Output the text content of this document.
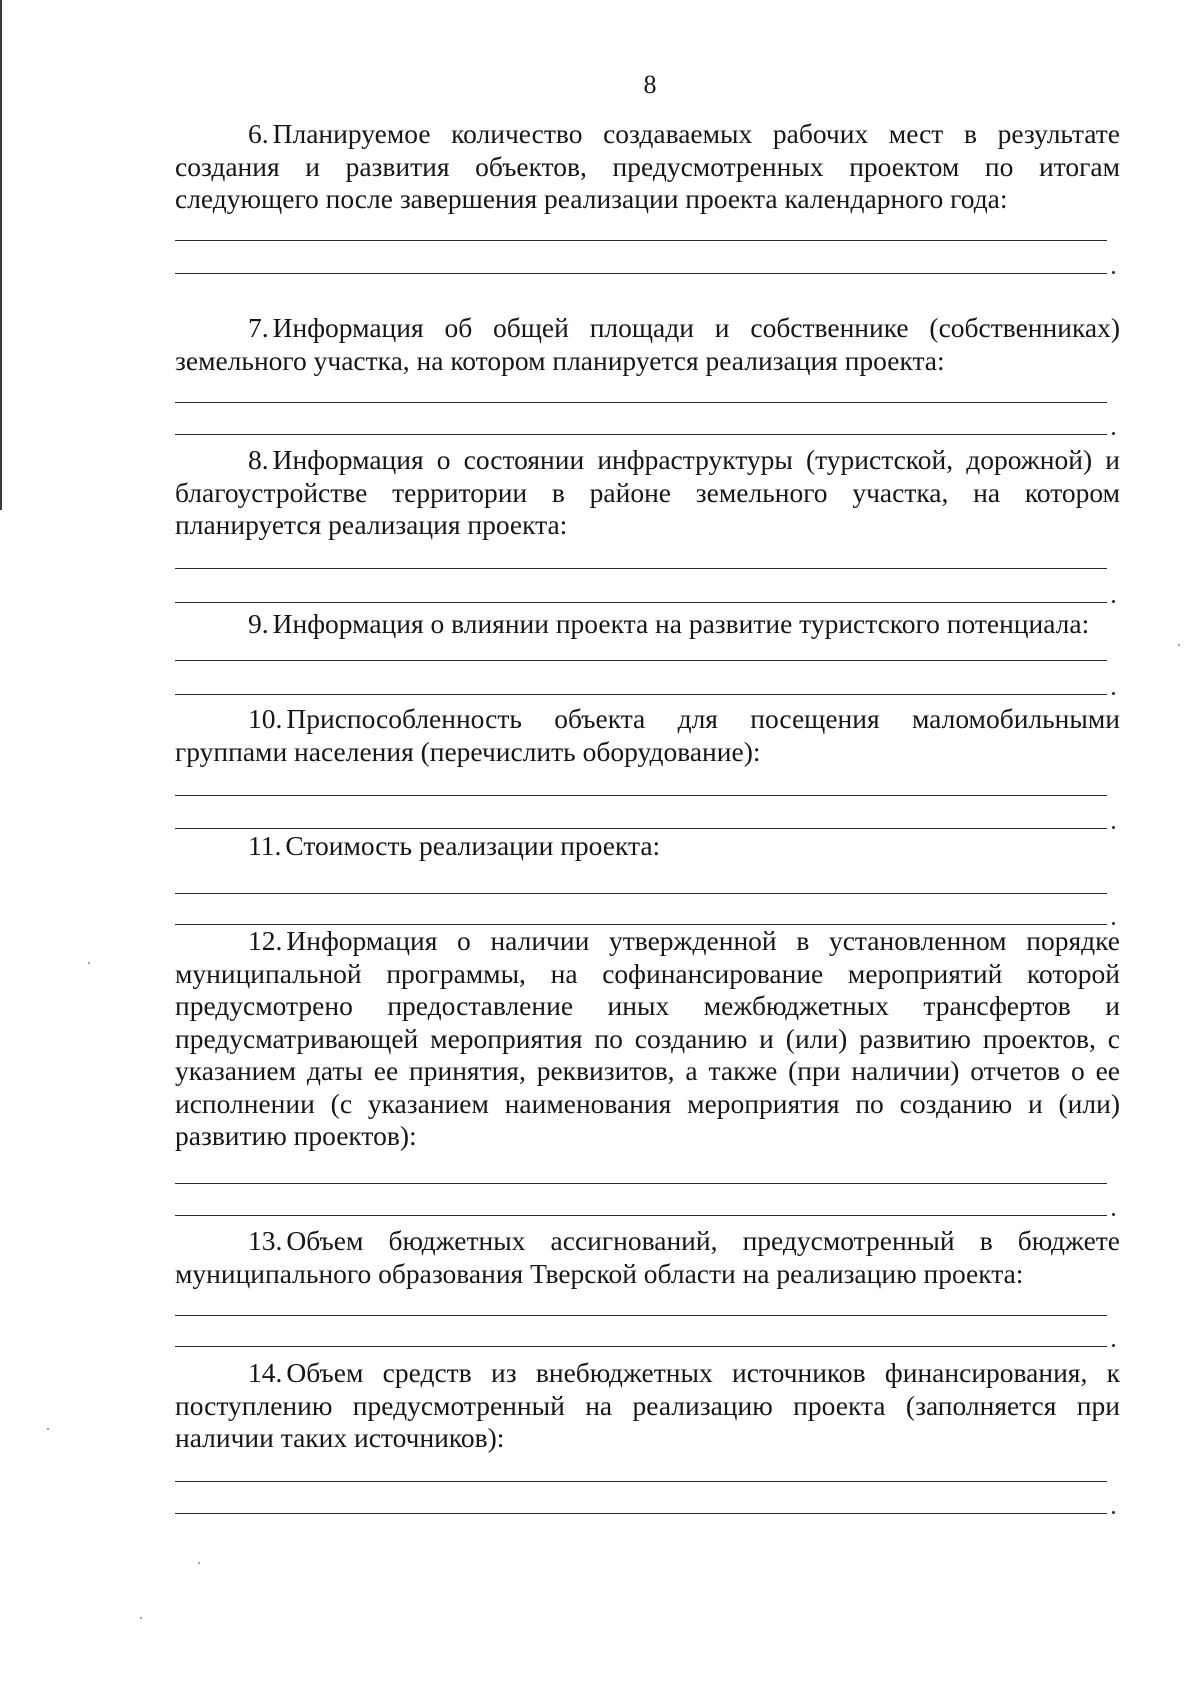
8

6. Планируемое количество создаваемых рабочих мест в результате создания и развития объектов, предусмотренных проектом по итогам следующего после завершения реализации проекта календарного года:

7. Информация об общей площади и собственнике (собственниках) земельного участка, на котором планируется реализация проекта:

8. Информация о состоянии инфраструктуры (туристской, дорожной) и благоустройстве территории в районе земельного участка, на котором планируется реализация проекта:

9. Информация о влиянии проекта на развитие туристского потенциала:

10. Приспособленность объекта для посещения маломобильными группами населения (перечислить оборудование):

11. Стоимость реализации проекта:

12. Информация о наличии утвержденной в установленном порядке муниципальной программы, на софинансирование мероприятий которой предусмотрено предоставление иных межбюджетных трансфертов и предусматривающей мероприятия по созданию и (или) развитию проектов, с указанием даты ее принятия, реквизитов, а также (при наличии) отчетов о ее исполнении (с указанием наименования мероприятия по созданию и (или) развитию проектов):

13. Объем бюджетных ассигнований, предусмотренный в бюджете муниципального образования Тверской области на реализацию проекта:

14. Объем средств из внебюджетных источников финансирования, к поступлению предусмотренный на реализацию проекта (заполняется при наличии таких источников):
